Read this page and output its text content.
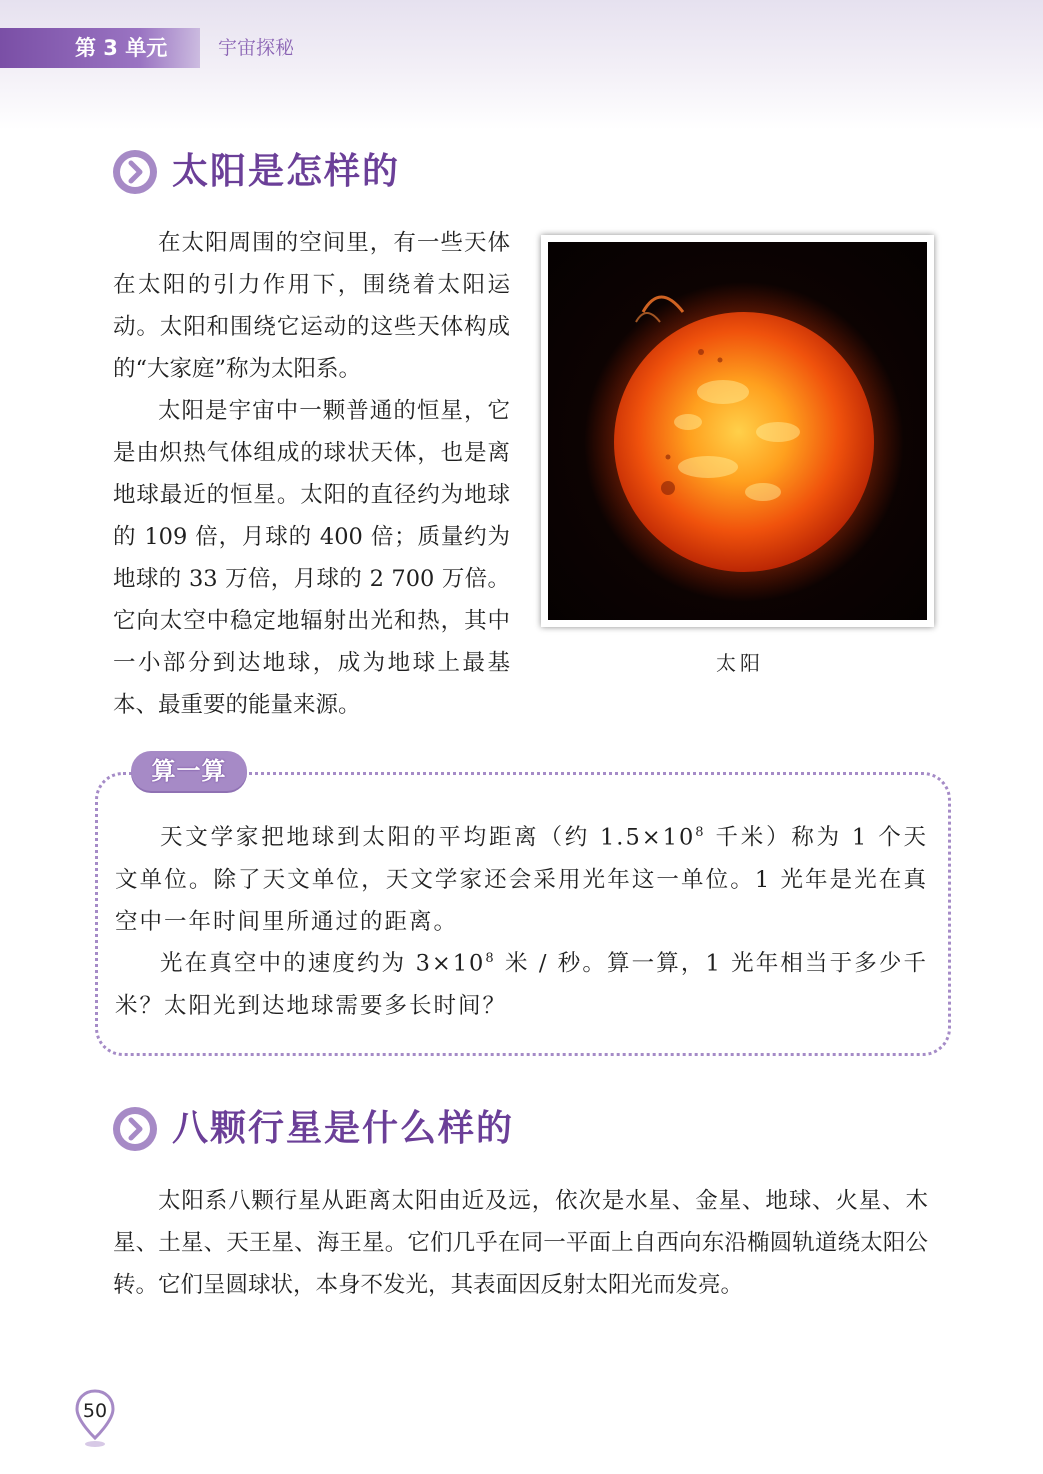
第 3 单元	宇宙探秘
太阳是怎样的

在太阳周围的空间里，有一些天体在太阳的引力作用下，围绕着太阳运动。太阳和围绕它运动的这些天体构成的“大家庭”称为太阳系。

太阳是宇宙中一颗普通的恒星，它是由炽热气体组成的球状天体，也是离地球最近的恒星。太阳的直径约为地球的 109 倍，月球的 400 倍；质量约为地球的 33 万倍，月球的 2 700 万倍。它向太空中稳定地辐射出光和热，其中一小部分到达地球，成为地球上最基本、最重要的能量来源。

太阳
算一算

天文学家把地球到太阳的平均距离（约 $1.5\times 10^8$ 千米）称为 1 个天文单位。除了天文单位，天文学家还会采用光年这一单位。1 光年是光在真空中一年时间里所通过的距离。

光在真空中的速度约为 $3\times 10^8$ 米 / 秒。算一算，1 光年相当于多少千米？太阳光到达地球需要多长时间？

八颗行星是什么样的

太阳系八颗行星从距离太阳由近及远，依次是水星、金星、地球、火星、木星、土星、天王星、海王星。它们几乎在同一平面上自西向东沿椭圆轨道绕太阳公转。它们呈圆球状，本身不发光，其表面因反射太阳光而发亮。

50
